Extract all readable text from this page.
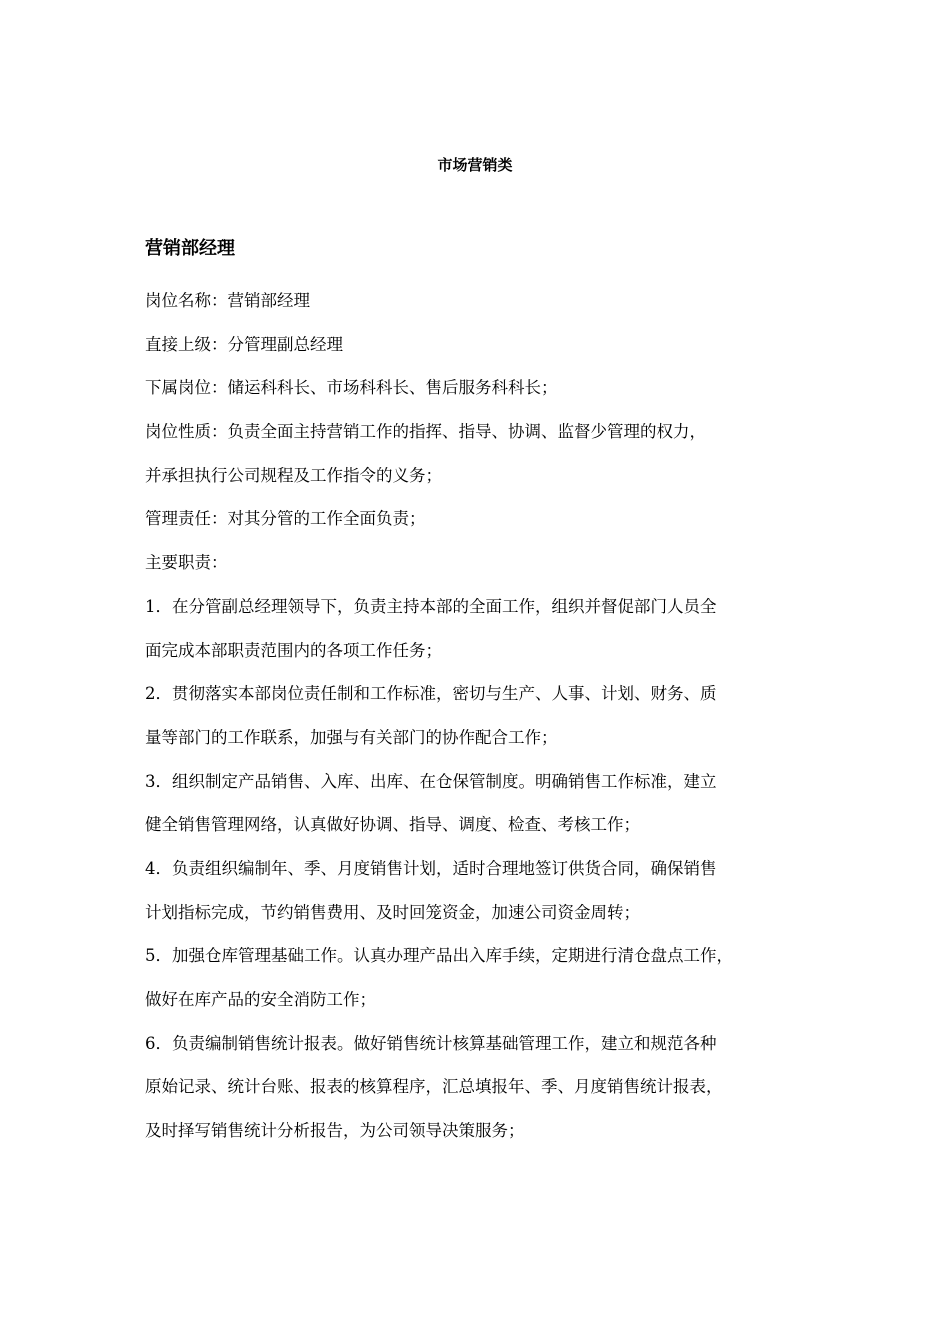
市场营销类
营销部经理
岗位名称：营销部经理
直接上级：分管理副总经理
下属岗位：储运科科长、市场科科长、售后服务科科长；
岗位性质：负责全面主持营销工作的指挥、指导、协调、监督少管理的权力，
并承担执行公司规程及工作指令的义务；
管理责任：对其分管的工作全面负责；
主要职责：
1．在分管副总经理领导下，负责主持本部的全面工作，组织并督促部门人员全
面完成本部职责范围内的各项工作任务；
2．贯彻落实本部岗位责任制和工作标准，密切与生产、人事、计划、财务、质
量等部门的工作联系，加强与有关部门的协作配合工作；
3．组织制定产品销售、入库、出库、在仓保管制度。明确销售工作标准，建立
健全销售管理网络，认真做好协调、指导、调度、检查、考核工作；
4．负责组织编制年、季、月度销售计划，适时合理地签订供货合同，确保销售
计划指标完成，节约销售费用、及时回笼资金，加速公司资金周转；
5．加强仓库管理基础工作。认真办理产品出入库手续，定期进行清仓盘点工作，
做好在库产品的安全消防工作；
6．负责编制销售统计报表。做好销售统计核算基础管理工作，建立和规范各种
原始记录、统计台账、报表的核算程序，汇总填报年、季、月度销售统计报表，
及时择写销售统计分析报告，为公司领导决策服务；
